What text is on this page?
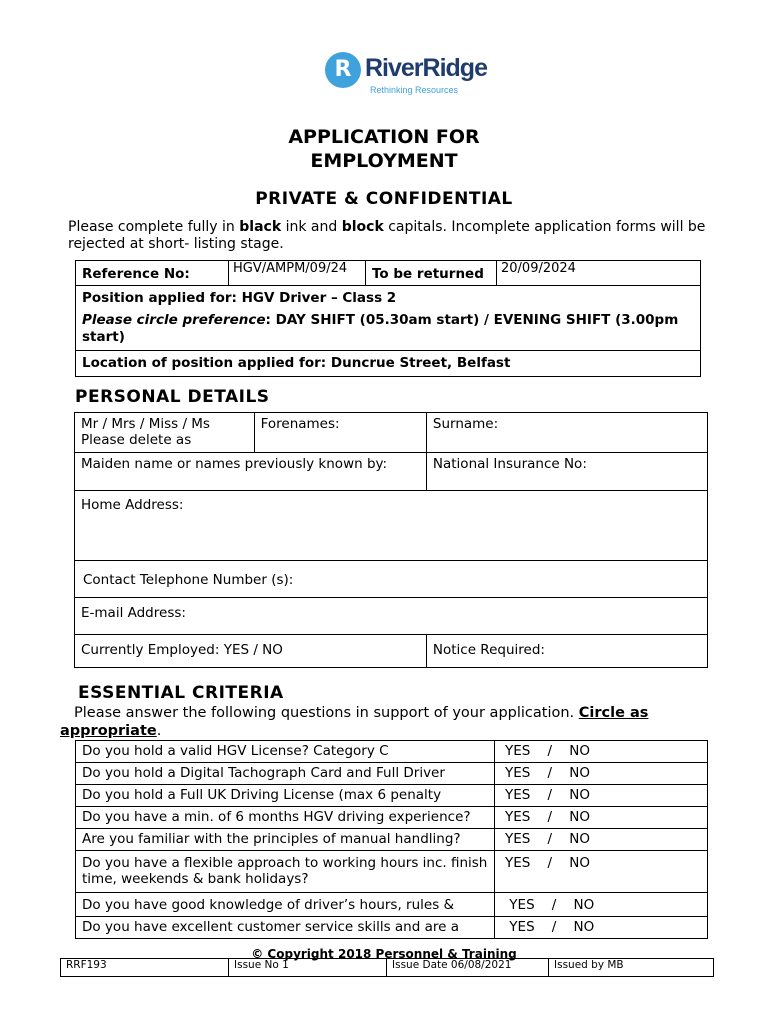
R RiverRidge
Rethinking Resources
APPLICATION FOR
EMPLOYMENT
PRIVATE & CONFIDENTIAL
Please complete fully in black ink and block capitals. Incomplete application forms will be rejected at short- listing stage.
Reference No:	HGV/AMPM/09/24	To be returned	20/09/2024

Position applied for: HGV Driver – Class 2
Please circle preference: DAY SHIFT (05.30am start) / EVENING SHIFT (3.00pm start)

Location of position applied for: Duncrue Street, Belfast
PERSONAL DETAILS
Mr / Mrs / Miss / Ms
Please delete as	Forenames:	Surname:
Maiden name or names previously known by:		National Insurance No:
Home Address:		
Contact Telephone Number (s):		
E-mail Address:		
Currently Employed: YES / NO		Notice Required:
ESSENTIAL CRITERIA
Please answer the following questions in support of your application. Circle as
appropriate.
Do you hold a valid HGV License? Category C	YES    /    NO
Do you hold a Digital Tachograph Card and Full Driver	YES    /    NO
Do you hold a Full UK Driving License (max 6 penalty	YES    /    NO
Do you have a min. of 6 months HGV driving experience?	YES    /    NO
Are you familiar with the principles of manual handling?	YES    /    NO
Do you have a flexible approach to working hours inc. finish time, weekends & bank holidays?	YES    /    NO
Do you have good knowledge of driver’s hours, rules &	YES    /    NO
Do you have excellent customer service skills and are a	YES    /    NO
© Copyright 2018 Personnel & Training
RRF193	Issue No 1	Issue Date 06/08/2021	Issued by MB
